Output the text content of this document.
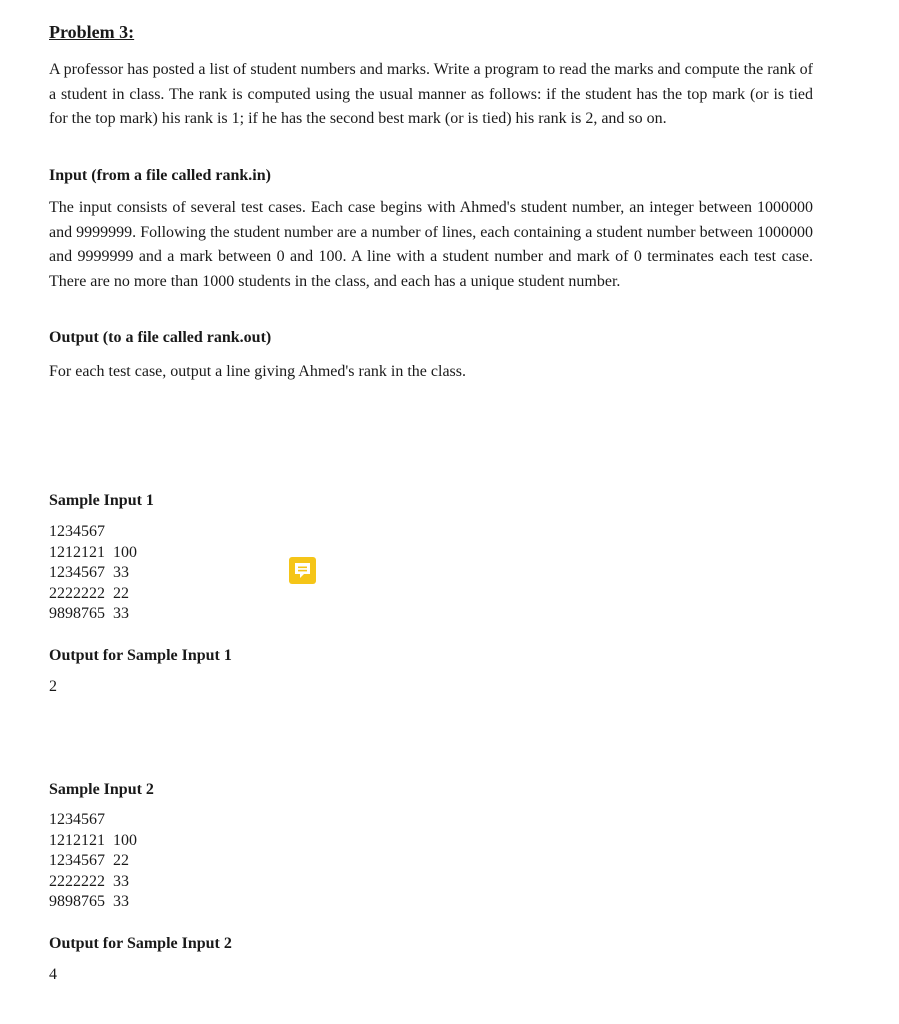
Problem 3:

A professor has posted a list of student numbers and marks. Write a program to read the marks and compute the rank of a student in class. The rank is computed using the usual manner as follows: if the student has the top mark (or is tied for the top mark) his rank is 1; if he has the second best mark (or is tied) his rank is 2, and so on.

Input (from a file called rank.in)

The input consists of several test cases. Each case begins with Ahmed's student number, an integer between 1000000 and 9999999. Following the student number are a number of lines, each containing a student number between 1000000 and 9999999 and a mark between 0 and 100. A line with a student number and mark of 0 terminates each test case. There are no more than 1000 students in the class, and each has a unique student number.

Output (to a file called rank.out)

For each test case, output a line giving Ahmed's rank in the class.

Sample Input 1
1234567
1212121  100
1234567  33
2222222  22
9898765  33
Output for Sample Input 1

2

Sample Input 2
1234567
1212121  100
1234567  22
2222222  33
9898765  33
Output for Sample Input 2

4
